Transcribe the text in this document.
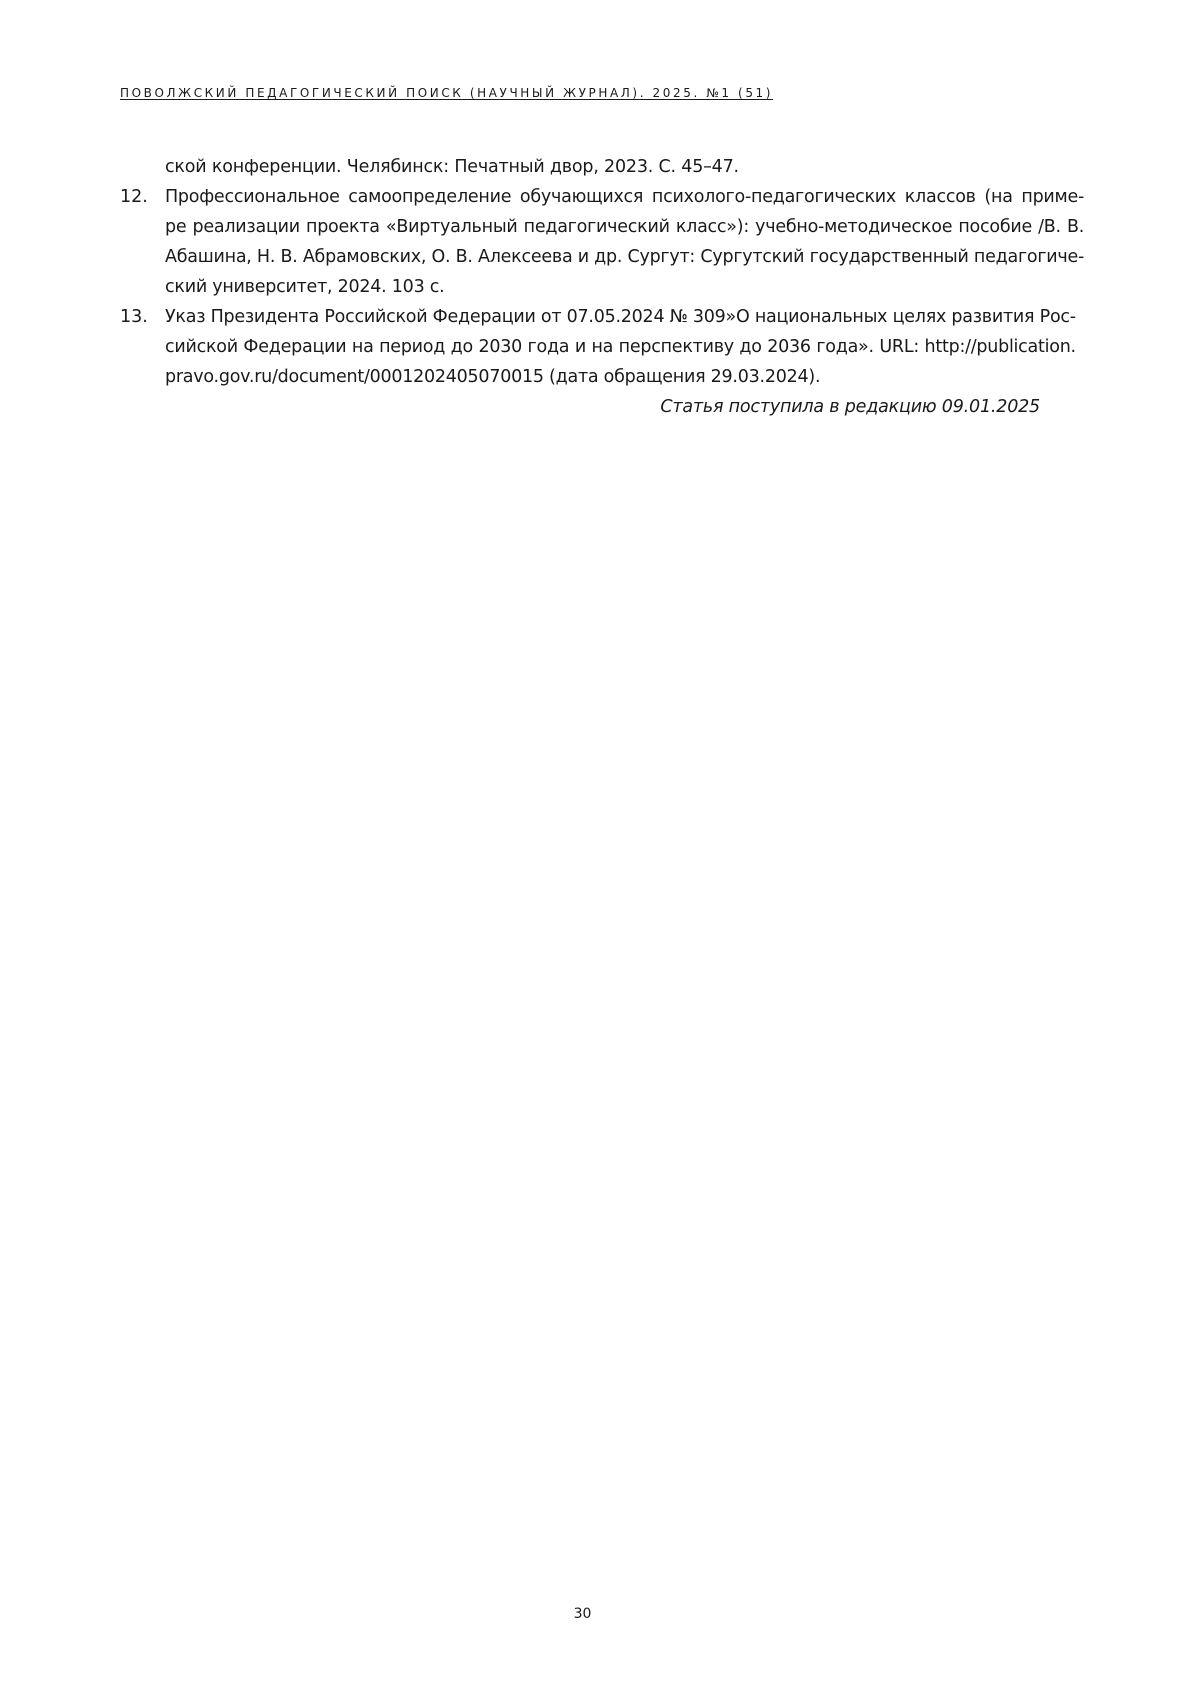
ПОВОЛЖСКИЙ ПЕДАГОГИЧЕСКИЙ ПОИСК (НАУЧНЫЙ ЖУРНАЛ). 2025. №1 (51)
ской конференции. Челябинск: Печатный двор, 2023. С. 45–47.
12. Профессиональное самоопределение обучающихся психолого-педагогических классов (на приме-
ре реализации проекта «Виртуальный педагогический класс»): учебно-методическое пособие /В. В.
Абашина, Н. В. Абрамовских, О. В. Алексеева и др. Сургут: Сургутский государственный педагогиче-
ский университет, 2024. 103 с.
13. Указ Президента Российской Федерации от 07.05.2024 № 309»О национальных целях развития Рос-
сийской Федерации на период до 2030 года и на перспективу до 2036 года». URL: http://publication.
pravo.gov.ru/document/0001202405070015 (дата обращения 29.03.2024).
Статья поступила в редакцию 09.01.2025
30
